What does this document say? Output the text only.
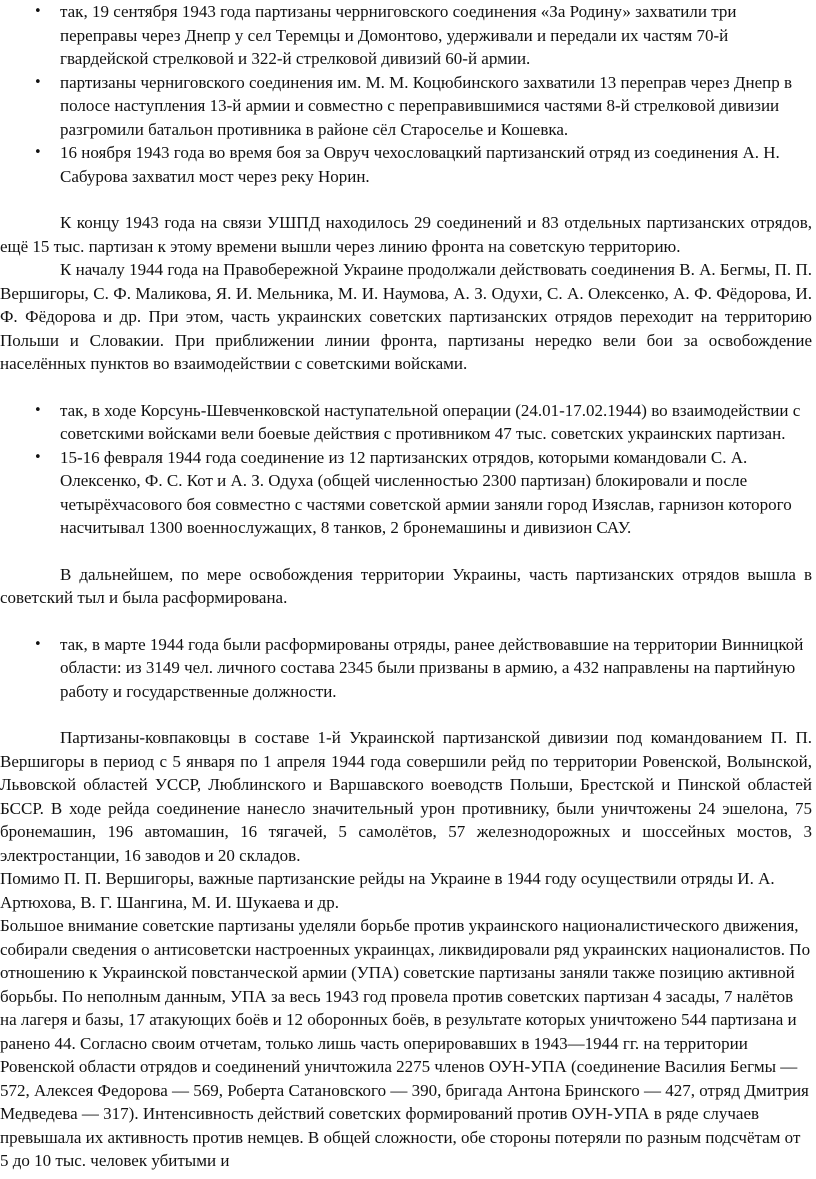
• так, 19 сентября 1943 года партизаны черрниговского соединения «За Родину» захватили три переправы через Днепр у сел Теремцы и Домонтово, удерживали и передали их частям 70-й гвардейской стрелковой и 322-й стрелковой дивизий 60-й армии.
• партизаны черниговского соединения им. М. М. Коцюбинского захватили 13 переправ через Днепр в полосе наступления 13-й армии и совместно с переправившимися частями 8-й стрелковой дивизии разгромили батальон противника в районе сёл Староселье и Кошевка.
• 16 ноября 1943 года во время боя за Овруч чехословацкий партизанский отряд из соединения А. Н. Сабурова захватил мост через реку Норин.

К концу 1943 года на связи УШПД находилось 29 соединений и 83 отдельных партизанских отрядов, ещё 15 тыс. партизан к этому времени вышли через линию фронта на советскую территорию.

К началу 1944 года на Правобережной Украине продолжали действовать соединения В. А. Бегмы, П. П. Вершигоры, С. Ф. Маликова, Я. И. Мельника, М. И. Наумова, А. З. Одухи, С. А. Олексенко, А. Ф. Фёдорова, И. Ф. Фёдорова и др. При этом, часть украинских советских партизанских отрядов переходит на территорию Польши и Словакии. При приближении линии фронта, партизаны нередко вели бои за освобождение населённых пунктов во взаимодействии с советскими войсками.

• так, в ходе Корсунь-Шевченковской наступательной операции (24.01-17.02.1944) во взаимодействии с советскими войсками вели боевые действия с противником 47 тыс. советских украинских партизан.
• 15-16 февраля 1944 года соединение из 12 партизанских отрядов, которыми командовали С. А. Олексенко, Ф. С. Кот и А. З. Одуха (общей численностью 2300 партизан) блокировали и после четырёхчасового боя совместно с частями советской армии заняли город Изяслав, гарнизон которого насчитывал 1300 военнослужащих, 8 танков, 2 бронемашины и дивизион САУ.

В дальнейшем, по мере освобождения территории Украины, часть партизанских отрядов вышла в советский тыл и была расформирована.

• так, в марте 1944 года были расформированы отряды, ранее действовавшие на территории Винницкой области: из 3149 чел. личного состава 2345 были призваны в армию, а 432 направлены на партийную работу и государственные должности.

Партизаны-ковпаковцы в составе 1-й Украинской партизанской дивизии под командованием П. П. Вершигоры в период с 5 января по 1 апреля 1944 года совершили рейд по территории Ровенской, Волынской, Львовской областей УССР, Люблинского и Варшавского воеводств Польши, Брестской и Пинской областей БССР. В ходе рейда соединение нанесло значительный урон противнику, были уничтожены 24 эшелона, 75 бронемашин, 196 автомашин, 16 тягачей, 5 самолётов, 57 железнодорожных и шоссейных мостов, 3 электростанции, 16 заводов и 20 складов.

Помимо П. П. Вершигоры, важные партизанские рейды на Украине в 1944 году осуществили отряды И. А. Артюхова, В. Г. Шангина, М. И. Шукаева и др.

Большое внимание советские партизаны уделяли борьбе против украинского националистического движения, собирали сведения о антисоветски настроенных украинцах, ликвидировали ряд украинских националистов. По отношению к Украинской повстанческой армии (УПА) советские партизаны заняли также позицию активной борьбы. По неполным данным, УПА за весь 1943 год провела против советских партизан 4 засады, 7 налётов на лагеря и базы, 17 атакующих боёв и 12 оборонных боёв, в результате которых уничтожено 544 партизана и ранено 44. Согласно своим отчетам, только лишь часть оперировавших в 1943—1944 гг. на территории Ровенской области отрядов и соединений уничтожила 2275 членов ОУН-УПА (соединение Василия Бегмы — 572, Алексея Федорова — 569, Роберта Сатановского — 390, бригада Антона Бринского — 427, отряд Дмитрия Медведева — 317). Интенсивность действий советских формирований против ОУН-УПА в ряде случаев превышала их активность против немцев. В общей сложности, обе стороны потеряли по разным подсчётам от 5 до 10 тыс. человек убитыми и
